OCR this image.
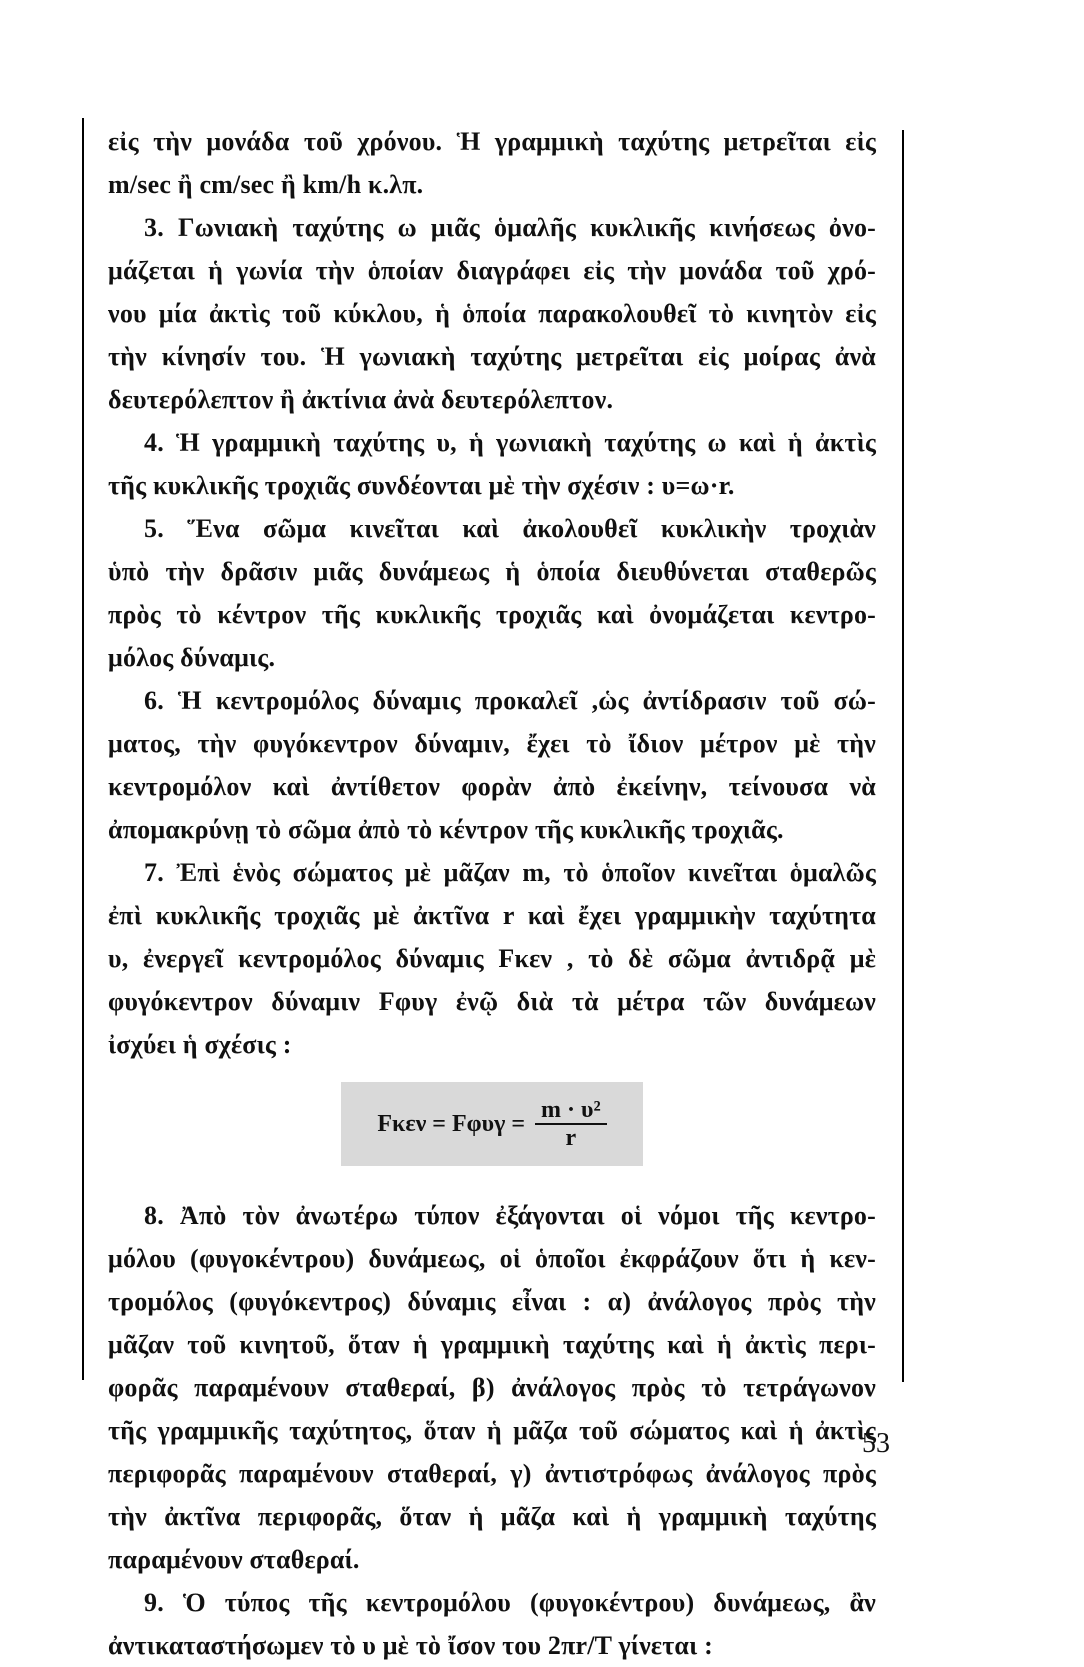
εἰς τὴν μονάδα τοῦ χρόνου. Ἡ γραμμικὴ ταχύτης μετρεῖται εἰς
m/sec ἢ cm/sec ἢ km/h κ.λπ.
3. Γωνιακὴ ταχύτης ω μιᾶς ὁμαλῆς κυκλικῆς κινήσεως ὀνο-
μάζεται ἡ γωνία τὴν ὁποίαν διαγράφει εἰς τὴν μονάδα τοῦ χρό-
νου μία ἀκτὶς τοῦ κύκλου, ἡ ὁποία παρακολουθεῖ τὸ κινητὸν εἰς
τὴν κίνησίν του. Ἡ γωνιακὴ ταχύτης μετρεῖται εἰς μοίρας ἀνὰ
δευτερόλεπτον ἢ ἀκτίνια ἀνὰ δευτερόλεπτον.
4. Ἡ γραμμικὴ ταχύτης υ, ἡ γωνιακὴ ταχύτης ω καὶ ἡ ἀκτὶς
τῆς κυκλικῆς τροχιᾶς συνδέονται μὲ τὴν σχέσιν : υ=ω·r.
5. Ἕνα σῶμα κινεῖται καὶ ἀκολουθεῖ κυκλικὴν τροχιὰν
ὑπὸ τὴν δρᾶσιν μιᾶς δυνάμεως ἡ ὁποία διευθύνεται σταθερῶς
πρὸς τὸ κέντρον τῆς κυκλικῆς τροχιᾶς καὶ ὀνομάζεται κεντρο-
μόλος δύναμις.
6. Ἡ κεντρομόλος δύναμις προκαλεῖ ,ὡς ἀντίδρασιν τοῦ σώ-
ματος, τὴν φυγόκεντρον δύναμιν, ἔχει τὸ ἴδιον μέτρον μὲ τὴν
κεντρομόλον καὶ ἀντίθετον φορὰν ἀπὸ ἐκείνην, τείνουσα νὰ
ἀπομακρύνῃ τὸ σῶμα ἀπὸ τὸ κέντρον τῆς κυκλικῆς τροχιᾶς.
7. Ἐπὶ ἑνὸς σώματος μὲ μᾶζαν m, τὸ ὁποῖον κινεῖται ὁμαλῶς
ἐπὶ κυκλικῆς τροχιᾶς μὲ ἀκτῖνα r καὶ ἔχει γραμμικὴν ταχύτητα
υ, ἐνεργεῖ κεντρομόλος δύναμις Fκεν , τὸ δὲ σῶμα ἀντιδρᾷ μὲ
φυγόκεντρον δύναμιν Fφυγ ἐνῷ διὰ τὰ μέτρα τῶν δυνάμεων
ἰσχύει ἡ σχέσις :
$F\kappa\varepsilon\nu = F\varphi\upsilon\gamma = \frac{\text{m · υ²}}{r}$
8. Ἀπὸ τὸν ἀνωτέρω τύπον ἐξάγονται οἱ νόμοι τῆς κεντρο-
μόλου (φυγοκέντρου) δυνάμεως, οἱ ὁποῖοι ἐκφράζουν ὅτι ἡ κεν-
τρομόλος (φυγόκεντρος) δύναμις εἶναι : α) ἀνάλογος πρὸς τὴν
μᾶζαν τοῦ κινητοῦ, ὅταν ἡ γραμμικὴ ταχύτης καὶ ἡ ἀκτὶς περι-
φορᾶς παραμένουν σταθεραί, β) ἀνάλογος πρὸς τὸ τετράγωνον
τῆς γραμμικῆς ταχύτητος, ὅταν ἡ μᾶζα τοῦ σώματος καὶ ἡ ἀκτὶς
περιφορᾶς παραμένουν σταθεραί, γ) ἀντιστρόφως ἀνάλογος πρὸς
τὴν ἀκτῖνα περιφορᾶς, ὅταν ἡ μᾶζα καὶ ἡ γραμμικὴ ταχύτης
παραμένουν σταθεραί.
9. Ὁ τύπος τῆς κεντρομόλου (φυγοκέντρου) δυνάμεως, ἂν
ἀντικαταστήσωμεν τὸ υ μὲ τὸ ἴσον του 2πr/T γίνεται :
53
